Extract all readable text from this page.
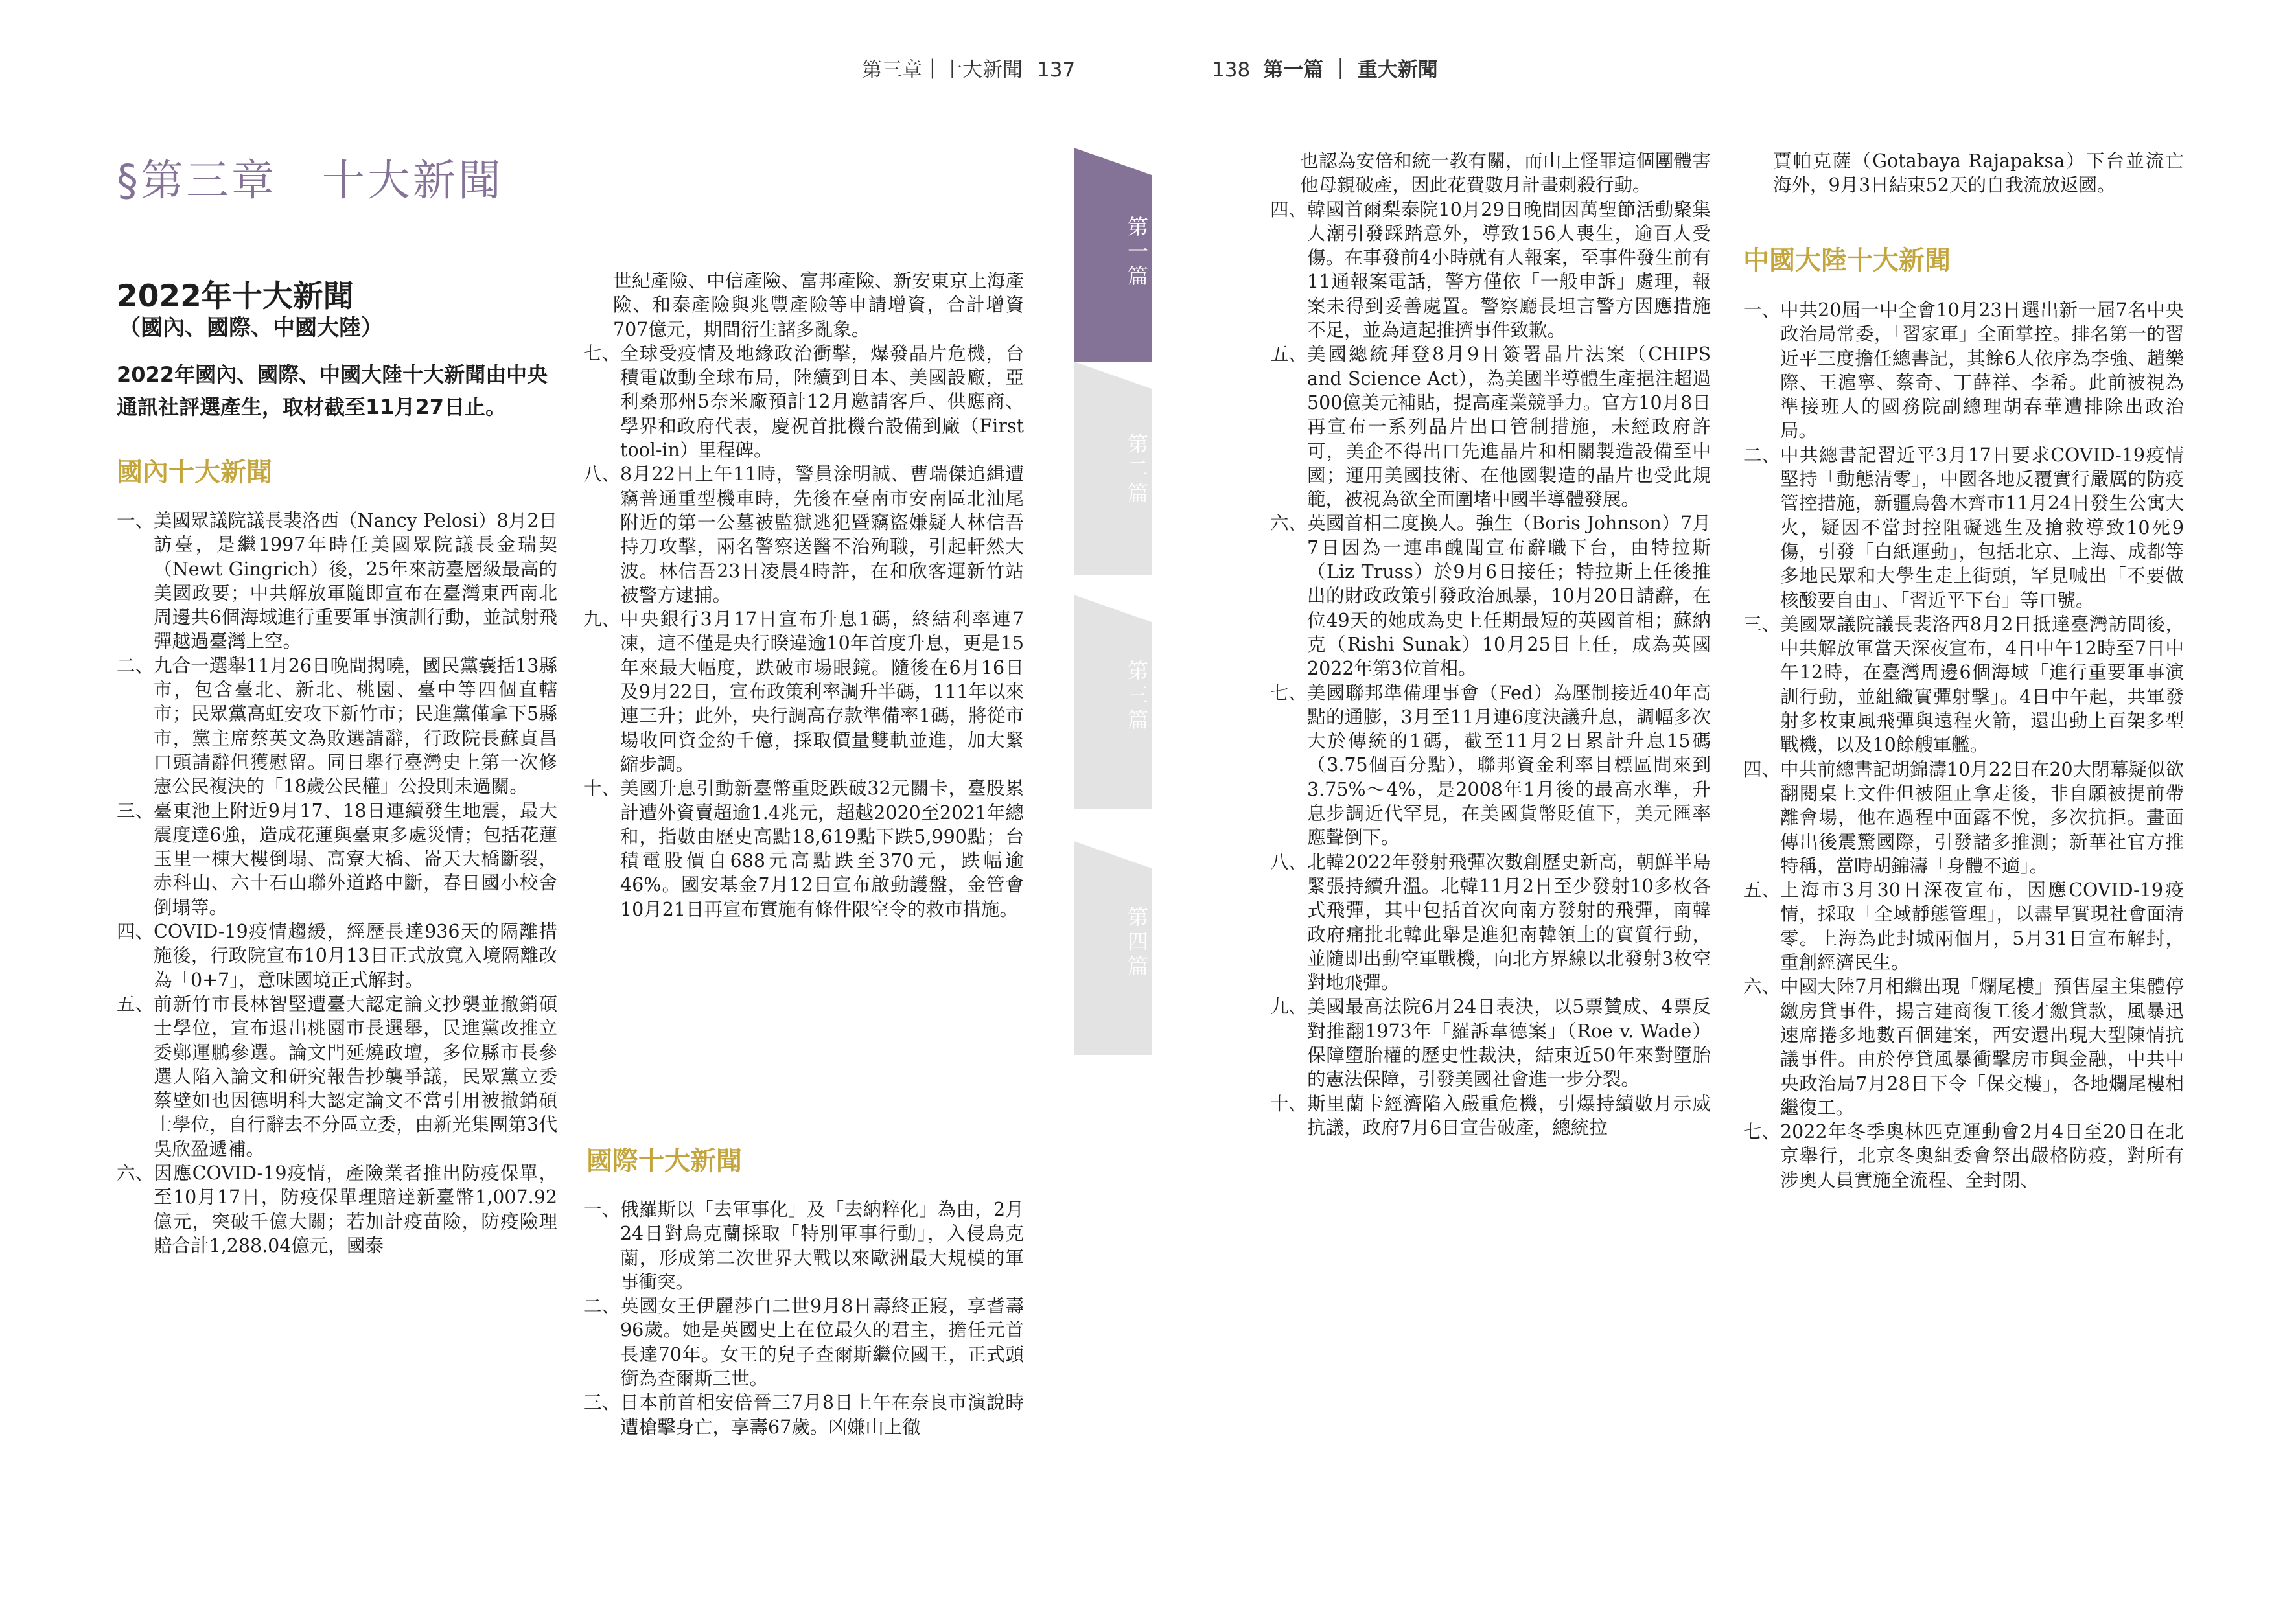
第三章｜十大新聞 137	138 第一篇 ｜ 重大新聞
§第三章　十大新聞
2022年十大新聞
（國內、國際、中國大陸）
2022年國內、國際、中國大陸十大新聞由中央通訊社評選產生，取材截至11月27日止。
國內十大新聞
一、 美國眾議院議長裴洛西（Nancy Pelosi）8月2日訪臺，是繼1997年時任美國眾院議長金瑞契（Newt Gingrich）後，25年來訪臺層級最高的美國政要；中共解放軍隨即宣布在臺灣東西南北周邊共6個海域進行重要軍事演訓行動，並試射飛彈越過臺灣上空。
二、 九合一選舉11月26日晚間揭曉，國民黨囊括13縣市，包含臺北、新北、桃園、臺中等四個直轄市；民眾黨高虹安攻下新竹市；民進黨僅拿下5縣市，黨主席蔡英文為敗選請辭，行政院長蘇貞昌口頭請辭但獲慰留。同日舉行臺灣史上第一次修憲公民複決的「18歲公民權」公投則未過關。
三、 臺東池上附近9月17、18日連續發生地震，最大震度達6強，造成花蓮與臺東多處災情；包括花蓮玉里一棟大樓倒塌、高寮大橋、崙天大橋斷裂，赤科山、六十石山聯外道路中斷，春日國小校舍倒塌等。
四、 COVID-19疫情趨緩，經歷長達936天的隔離措施後，行政院宣布10月13日正式放寬入境隔離改為「0+7」，意味國境正式解封。
五、 前新竹市長林智堅遭臺大認定論文抄襲並撤銷碩士學位，宣布退出桃園市長選舉，民進黨改推立委鄭運鵬參選。論文門延燒政壇，多位縣市長參選人陷入論文和研究報告抄襲爭議，民眾黨立委蔡壁如也因德明科大認定論文不當引用被撤銷碩士學位，自行辭去不分區立委，由新光集團第3代吳欣盈遞補。
六、 因應COVID-19疫情，產險業者推出防疫保單，至10月17日，防疫保單理賠達新臺幣1,007.92億元，突破千億大關；若加計疫苗險，防疫險理賠合計1,288.04億元，國泰

世紀產險、中信產險、富邦產險、新安東京上海產險、和泰產險與兆豐產險等申請增資，合計增資707億元，期間衍生諸多亂象。

七、 全球受疫情及地緣政治衝擊，爆發晶片危機，台積電啟動全球布局，陸續到日本、美國設廠，亞利桑那州5奈米廠預計12月邀請客戶、供應商、學界和政府代表，慶祝首批機台設備到廠（First tool-in）里程碑。
八、 8月22日上午11時，警員涂明誠、曹瑞傑追緝遭竊普通重型機車時，先後在臺南市安南區北汕尾附近的第一公墓被監獄逃犯暨竊盜嫌疑人林信吾持刀攻擊，兩名警察送醫不治殉職，引起軒然大波。林信吾23日凌晨4時許，在和欣客運新竹站被警方逮捕。
九、 中央銀行3月17日宣布升息1碼，終結利率連7凍，這不僅是央行睽違逾10年首度升息，更是15年來最大幅度，跌破市場眼鏡。隨後在6月16日及9月22日，宣布政策利率調升半碼，111年以來連三升；此外，央行調高存款準備率1碼，將從市場收回資金約千億，採取價量雙軌並進，加大緊縮步調。
十、 美國升息引動新臺幣重貶跌破32元關卡，臺股累計遭外資賣超逾1.4兆元，超越2020至2021年總和，指數由歷史高點18,619點下跌5,990點；台積電股價自688元高點跌至370元，跌幅逾46%。國安基金7月12日宣布啟動護盤，金管會10月21日再宣布實施有條件限空令的救市措施。
國際十大新聞
一、 俄羅斯以「去軍事化」及「去納粹化」為由，2月24日對烏克蘭採取「特別軍事行動」，入侵烏克蘭，形成第二次世界大戰以來歐洲最大規模的軍事衝突。
二、 英國女王伊麗莎白二世9月8日壽終正寢，享耆壽96歲。她是英國史上在位最久的君主，擔任元首長達70年。女王的兒子查爾斯繼位國王，正式頭銜為查爾斯三世。
三、 日本前首相安倍晉三7月8日上午在奈良市演說時遭槍擊身亡，享壽67歲。凶嫌山上徹
第一篇
第二篇
第三篇
第四篇

也認為安倍和統一教有關，而山上怪罪這個團體害他母親破產，因此花費數月計畫刺殺行動。

四、 韓國首爾梨泰院10月29日晚間因萬聖節活動聚集人潮引發踩踏意外，導致156人喪生，逾百人受傷。在事發前4小時就有人報案，至事件發生前有11通報案電話，警方僅依「一般申訴」處理，報案未得到妥善處置。警察廳長坦言警方因應措施不足，並為這起推擠事件致歉。
五、 美國總統拜登8月9日簽署晶片法案（CHIPS and Science Act），為美國半導體生產挹注超過500億美元補貼，提高產業競爭力。官方10月8日再宣布一系列晶片出口管制措施，未經政府許可，美企不得出口先進晶片和相關製造設備至中國；運用美國技術、在他國製造的晶片也受此規範，被視為欲全面圍堵中國半導體發展。
六、 英國首相二度換人。強生（Boris Johnson）7月7日因為一連串醜聞宣布辭職下台，由特拉斯（Liz Truss）於9月6日接任；特拉斯上任後推出的財政政策引發政治風暴，10月20日請辭，在位49天的她成為史上任期最短的英國首相；蘇納克（Rishi Sunak）10月25日上任，成為英國2022年第3位首相。
七、 美國聯邦準備理事會（Fed）為壓制接近40年高點的通膨，3月至11月連6度決議升息，調幅多次大於傳統的1碼，截至11月2日累計升息15碼（3.75個百分點），聯邦資金利率目標區間來到3.75%～4%，是2008年1月後的最高水準，升息步調近代罕見，在美國貨幣貶值下，美元匯率應聲倒下。
八、 北韓2022年發射飛彈次數創歷史新高，朝鮮半島緊張持續升溫。北韓11月2日至少發射10多枚各式飛彈，其中包括首次向南方發射的飛彈，南韓政府痛批北韓此舉是進犯南韓領土的實質行動，並隨即出動空軍戰機，向北方界線以北發射3枚空對地飛彈。
九、 美國最高法院6月24日表決，以5票贊成、4票反對推翻1973年「羅訴韋德案」（Roe v. Wade）保障墮胎權的歷史性裁決，結束近50年來對墮胎的憲法保障，引發美國社會進一步分裂。
十、 斯里蘭卡經濟陷入嚴重危機，引爆持續數月示威抗議，政府7月6日宣告破產，總統拉

賈帕克薩（Gotabaya Rajapaksa）下台並流亡海外，9月3日結束52天的自我流放返國。

中國大陸十大新聞
一、 中共20屆一中全會10月23日選出新一屆7名中央政治局常委，「習家軍」全面掌控。排名第一的習近平三度擔任總書記，其餘6人依序為李強、趙樂際、王滬寧、蔡奇、丁薛祥、李希。此前被視為準接班人的國務院副總理胡春華遭排除出政治局。
二、 中共總書記習近平3月17日要求COVID-19疫情堅持「動態清零」，中國各地反覆實行嚴厲的防疫管控措施，新疆烏魯木齊市11月24日發生公寓大火，疑因不當封控阻礙逃生及搶救導致10死9傷，引發「白紙運動」，包括北京、上海、成都等多地民眾和大學生走上街頭，罕見喊出「不要做核酸要自由」、「習近平下台」等口號。
三、 美國眾議院議長裴洛西8月2日抵達臺灣訪問後，中共解放軍當天深夜宣布，4日中午12時至7日中午12時，在臺灣周邊6個海域「進行重要軍事演訓行動，並組織實彈射擊」。4日中午起，共軍發射多枚東風飛彈與遠程火箭，還出動上百架多型戰機，以及10餘艘軍艦。
四、 中共前總書記胡錦濤10月22日在20大閉幕疑似欲翻閱桌上文件但被阻止拿走後，非自願被提前帶離會場，他在過程中面露不悅，多次抗拒。畫面傳出後震驚國際，引發諸多推測；新華社官方推特稱，當時胡錦濤「身體不適」。
五、 上海市3月30日深夜宣布，因應COVID-19疫情，採取「全域靜態管理」，以盡早實現社會面清零。上海為此封城兩個月，5月31日宣布解封，重創經濟民生。
六、 中國大陸7月相繼出現「爛尾樓」預售屋主集體停繳房貸事件，揚言建商復工後才繳貸款，風暴迅速席捲多地數百個建案，西安還出現大型陳情抗議事件。由於停貸風暴衝擊房市與金融，中共中央政治局7月28日下令「保交樓」，各地爛尾樓相繼復工。
七、 2022年冬季奧林匹克運動會2月4日至20日在北京舉行，北京冬奧組委會祭出嚴格防疫，對所有涉奧人員實施全流程、全封閉、
